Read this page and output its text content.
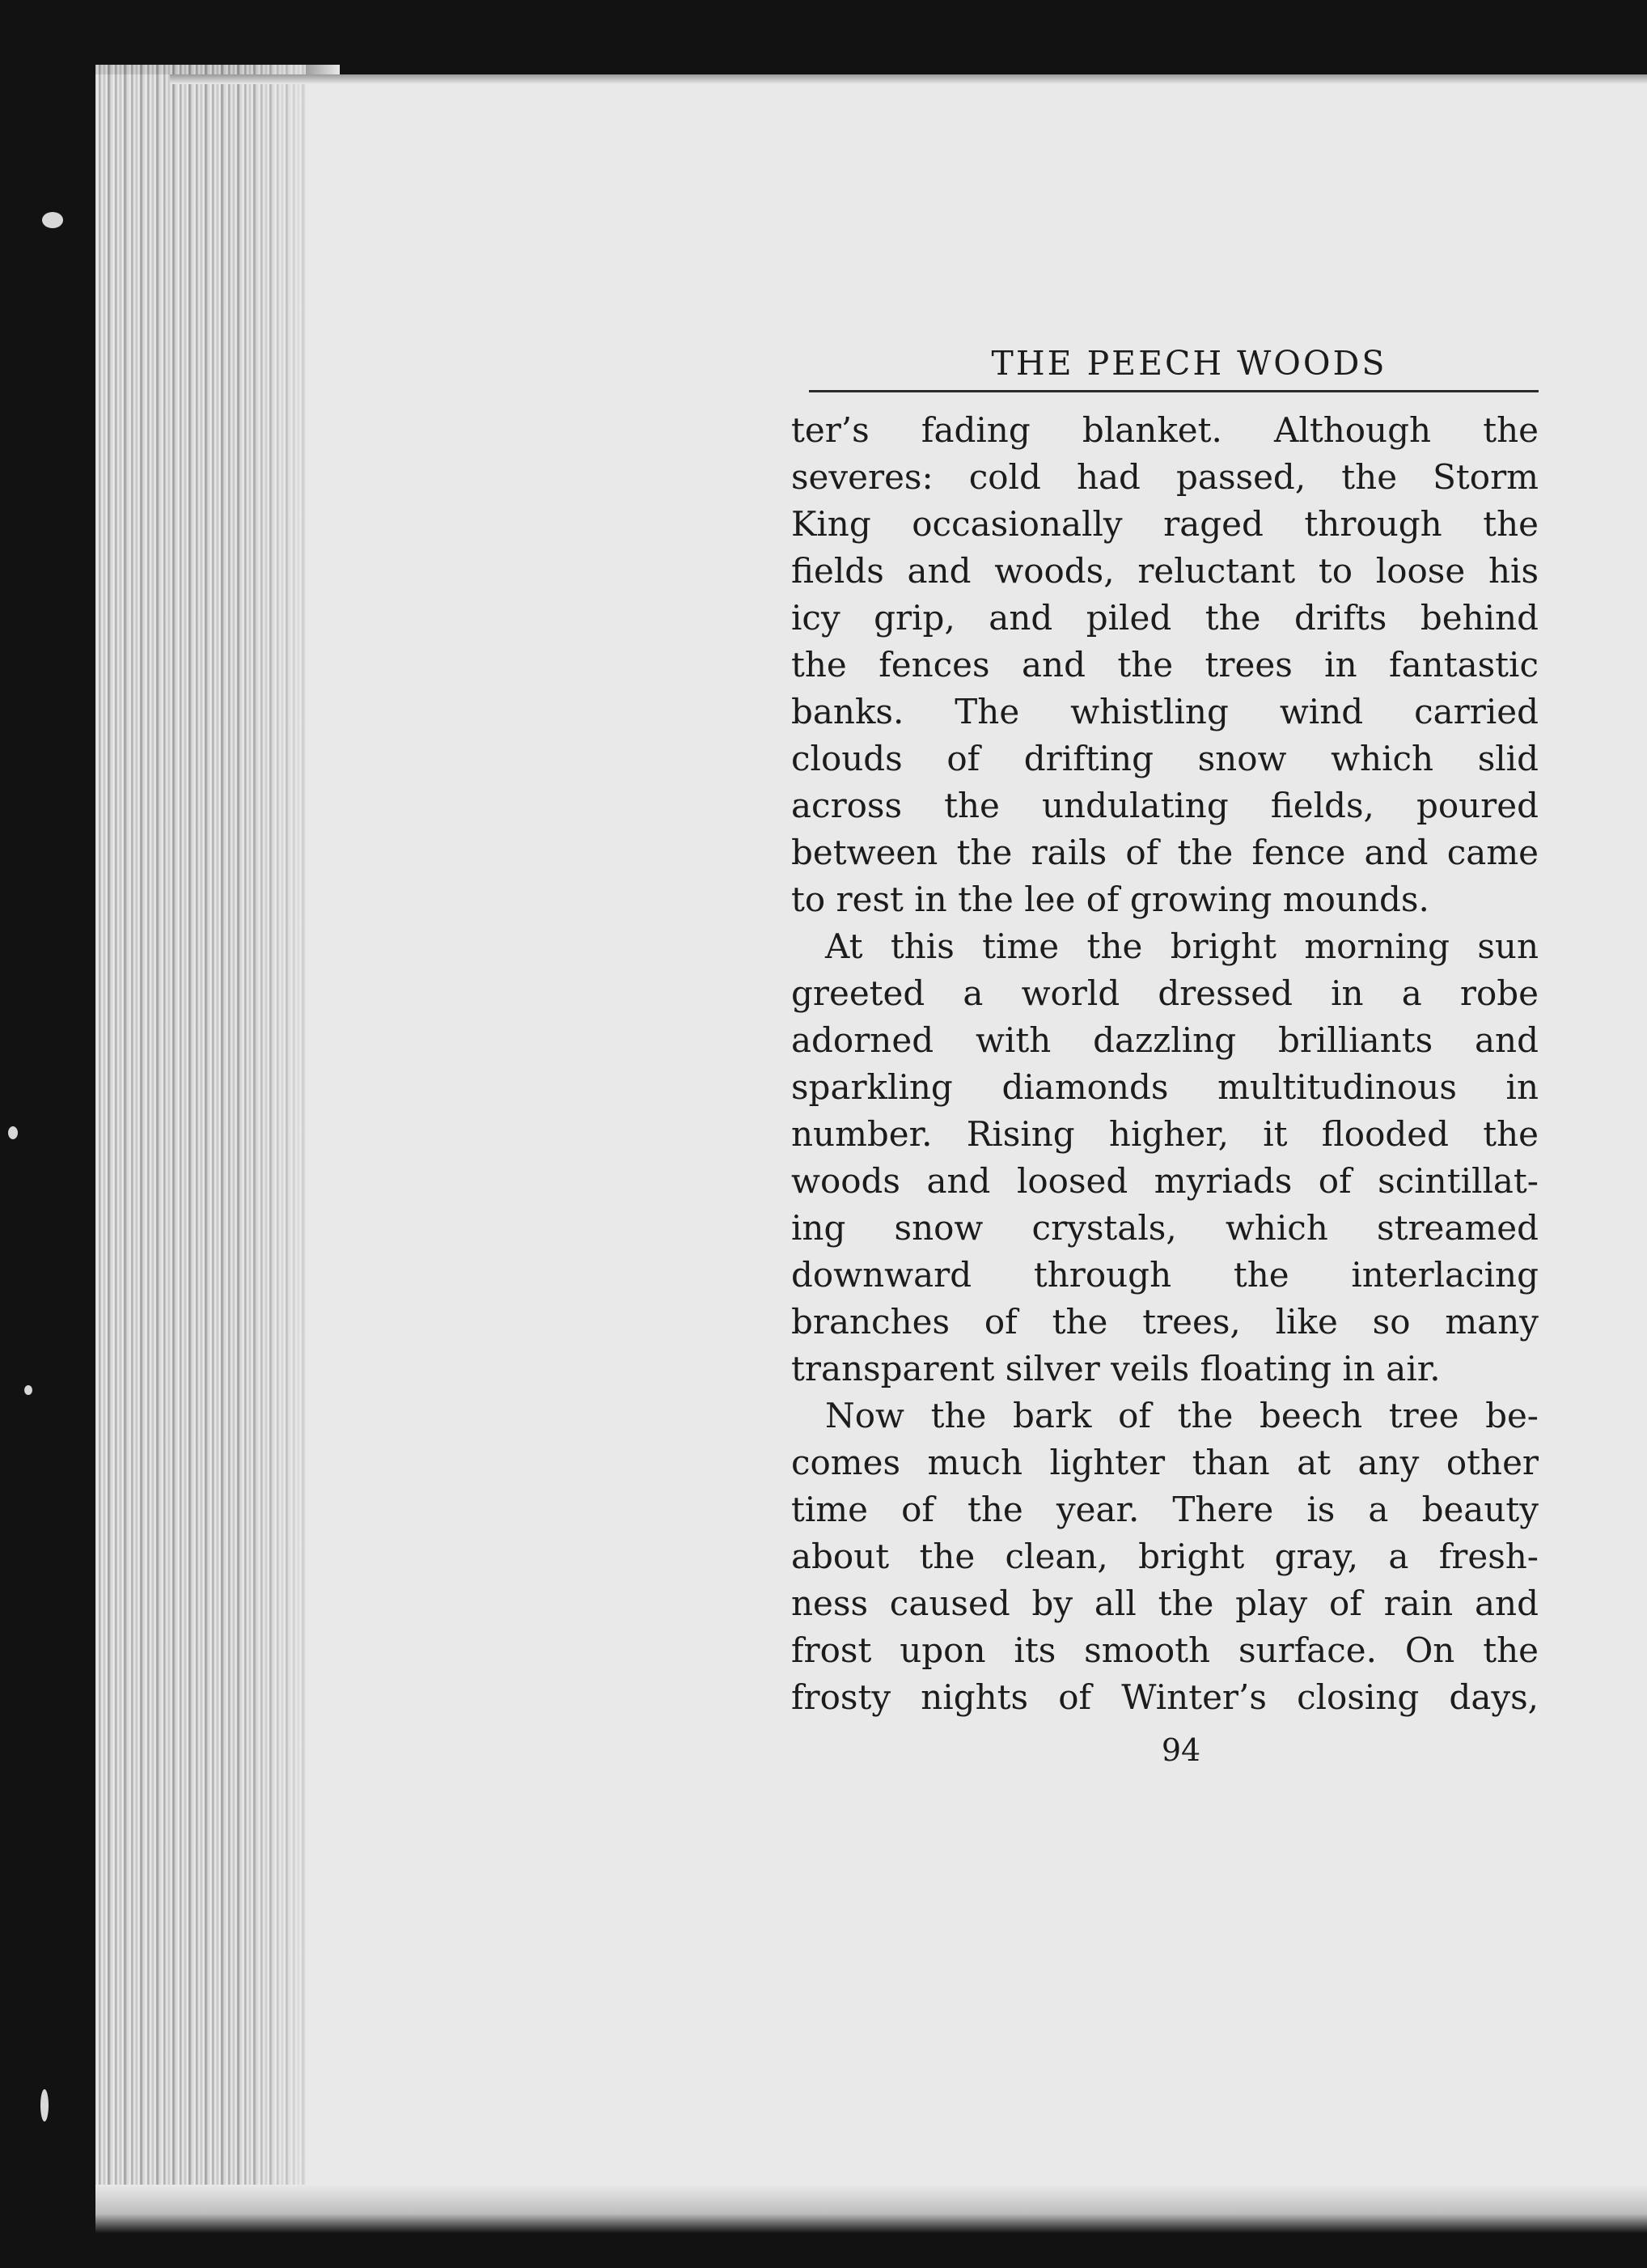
THE PEECH WOODS
ter’s fading blanket. Although the
severes: cold had passed, the Storm
King occasionally raged through the
fields and woods, reluctant to loose his
icy grip, and piled the drifts behind
the fences and the trees in fantastic
banks. The whistling wind carried
clouds of drifting snow which slid
across the undulating fields, poured
between the rails of the fence and came
to rest in the lee of growing mounds.
At this time the bright morning sun
greeted a world dressed in a robe
adorned with dazzling brilliants and
sparkling diamonds multitudinous in
number. Rising higher, it flooded the
woods and loosed myriads of scintillat-
ing snow crystals, which streamed
downward through the interlacing
branches of the trees, like so many
transparent silver veils floating in air.
Now the bark of the beech tree be-
comes much lighter than at any other
time of the year. There is a beauty
about the clean, bright gray, a fresh-
ness caused by all the play of rain and
frost upon its smooth surface. On the
frosty nights of Winter’s closing days,
94
